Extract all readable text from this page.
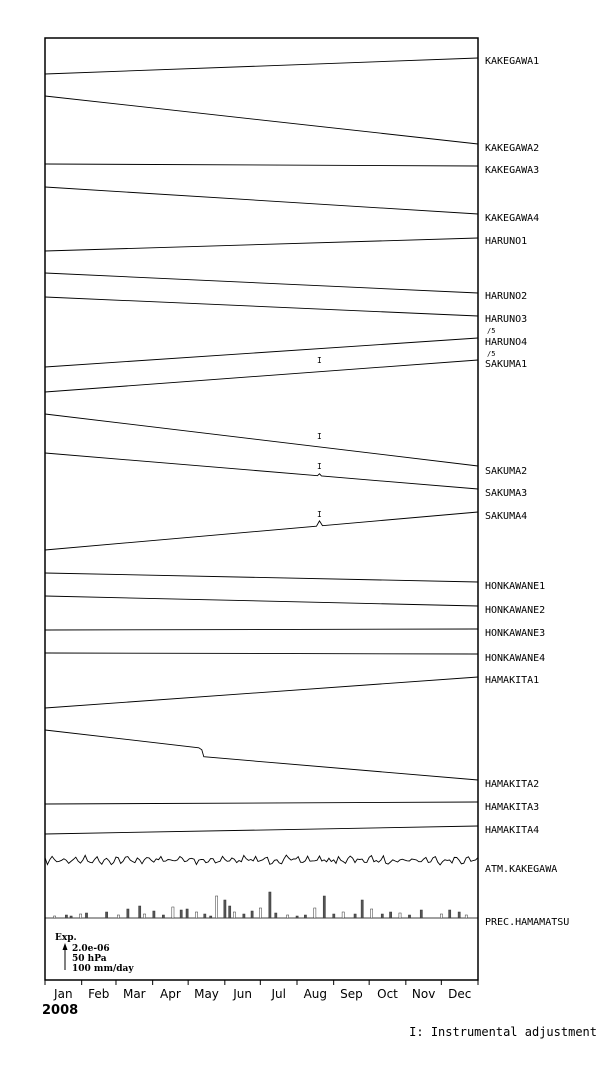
KAKEGAWA1
KAKEGAWA2
KAKEGAWA3
KAKEGAWA4
HARUNO1
HARUNO2
HARUNO3
HARUNO4
SAKUMA1
SAKUMA2
SAKUMA3
SAKUMA4
HONKAWANE1
HONKAWANE2
HONKAWANE3
HONKAWANE4
HAMAKITA1
HAMAKITA2
HAMAKITA3
HAMAKITA4
ATM.KAKEGAWA
PREC.HAMAMATSU
/5
/5
I
I
I
I
Jan Feb Mar Apr May Jun Jul Aug Sep Oct Nov Dec
Exp.
2.0e-06
50 hPa
100 mm/day
2008
I: Instrumental adjustment
